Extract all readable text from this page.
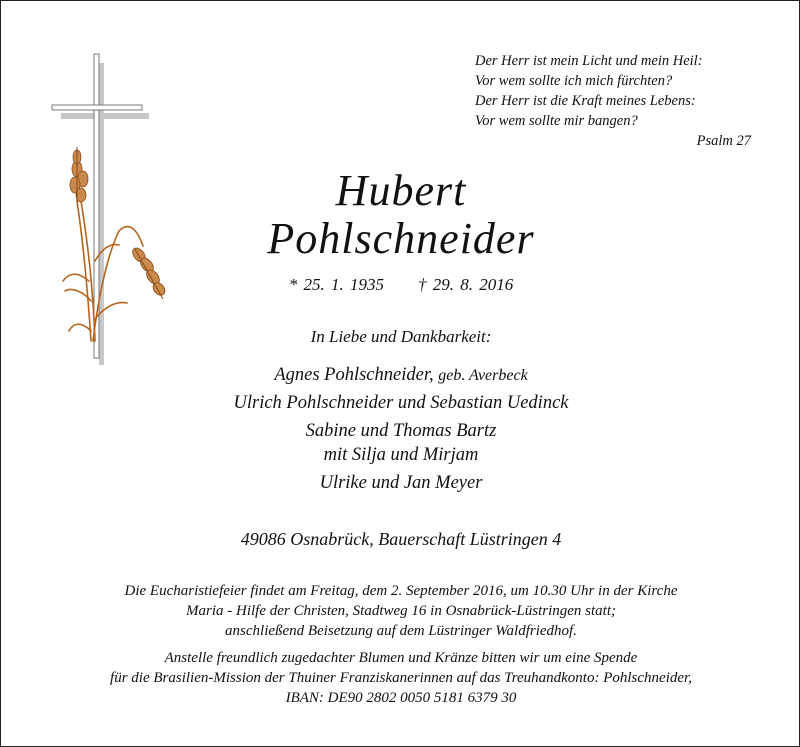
Der Herr ist mein Licht und mein Heil:
Vor wem sollte ich mich fürchten?
Der Herr ist die Kraft meines Lebens:
Vor wem sollte mir bangen?
Psalm 27
Hubert
Pohlschneider
* 25. 1. 1935 † 29. 8. 2016
In Liebe und Dankbarkeit:
Agnes Pohlschneider, geb. Averbeck
Ulrich Pohlschneider und Sebastian Uedinck
Sabine und Thomas Bartz
mit Silja und Mirjam
Ulrike und Jan Meyer
49086 Osnabrück, Bauerschaft Lüstringen 4
Die Eucharistiefeier findet am Freitag, dem 2. September 2016, um 10.30 Uhr in der Kirche
Maria - Hilfe der Christen, Stadtweg 16 in Osnabrück-Lüstringen statt;
anschließend Beisetzung auf dem Lüstringer Waldfriedhof.
Anstelle freundlich zugedachter Blumen und Kränze bitten wir um eine Spende
für die Brasilien-Mission der Thuiner Franziskanerinnen auf das Treuhandkonto: Pohlschneider,
IBAN: DE90 2802 0050 5181 6379 30
